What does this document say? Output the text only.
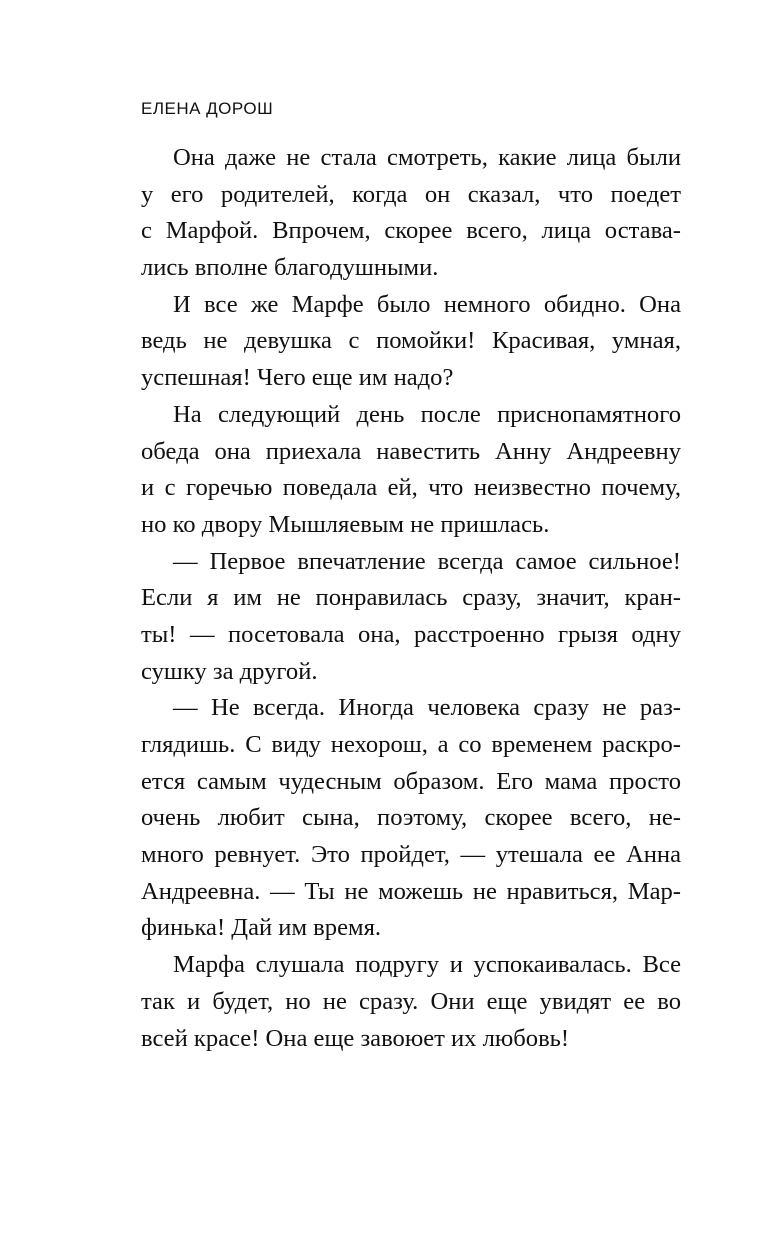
ЕЛЕНА ДОРОШ
Она даже не стала смотреть, какие лица были
у его родителей, когда он сказал, что поедет
с Марфой. Впрочем, скорее всего, лица остава-
лись вполне благодушными.
И все же Марфе было немного обидно. Она
ведь не девушка с помойки! Красивая, умная,
успешная! Чего еще им надо?
На следующий день после приснопамятного
обеда она приехала навестить Анну Андреевну
и с горечью поведала ей, что неизвестно почему,
но ко двору Мышляевым не пришлась.
— Первое впечатление всегда самое сильное!
Если я им не понравилась сразу, значит, кран-
ты! — посетовала она, расстроенно грызя одну
сушку за другой.
— Не всегда. Иногда человека сразу не раз-
глядишь. С виду нехорош, а со временем раскро-
ется самым чудесным образом. Его мама просто
очень любит сына, поэтому, скорее всего, не-
много ревнует. Это пройдет, — утешала ее Анна
Андреевна. — Ты не можешь не нравиться, Мар-
финька! Дай им время.
Марфа слушала подругу и успокаивалась. Все
так и будет, но не сразу. Они еще увидят ее во
всей красе! Она еще завоюет их любовь!
